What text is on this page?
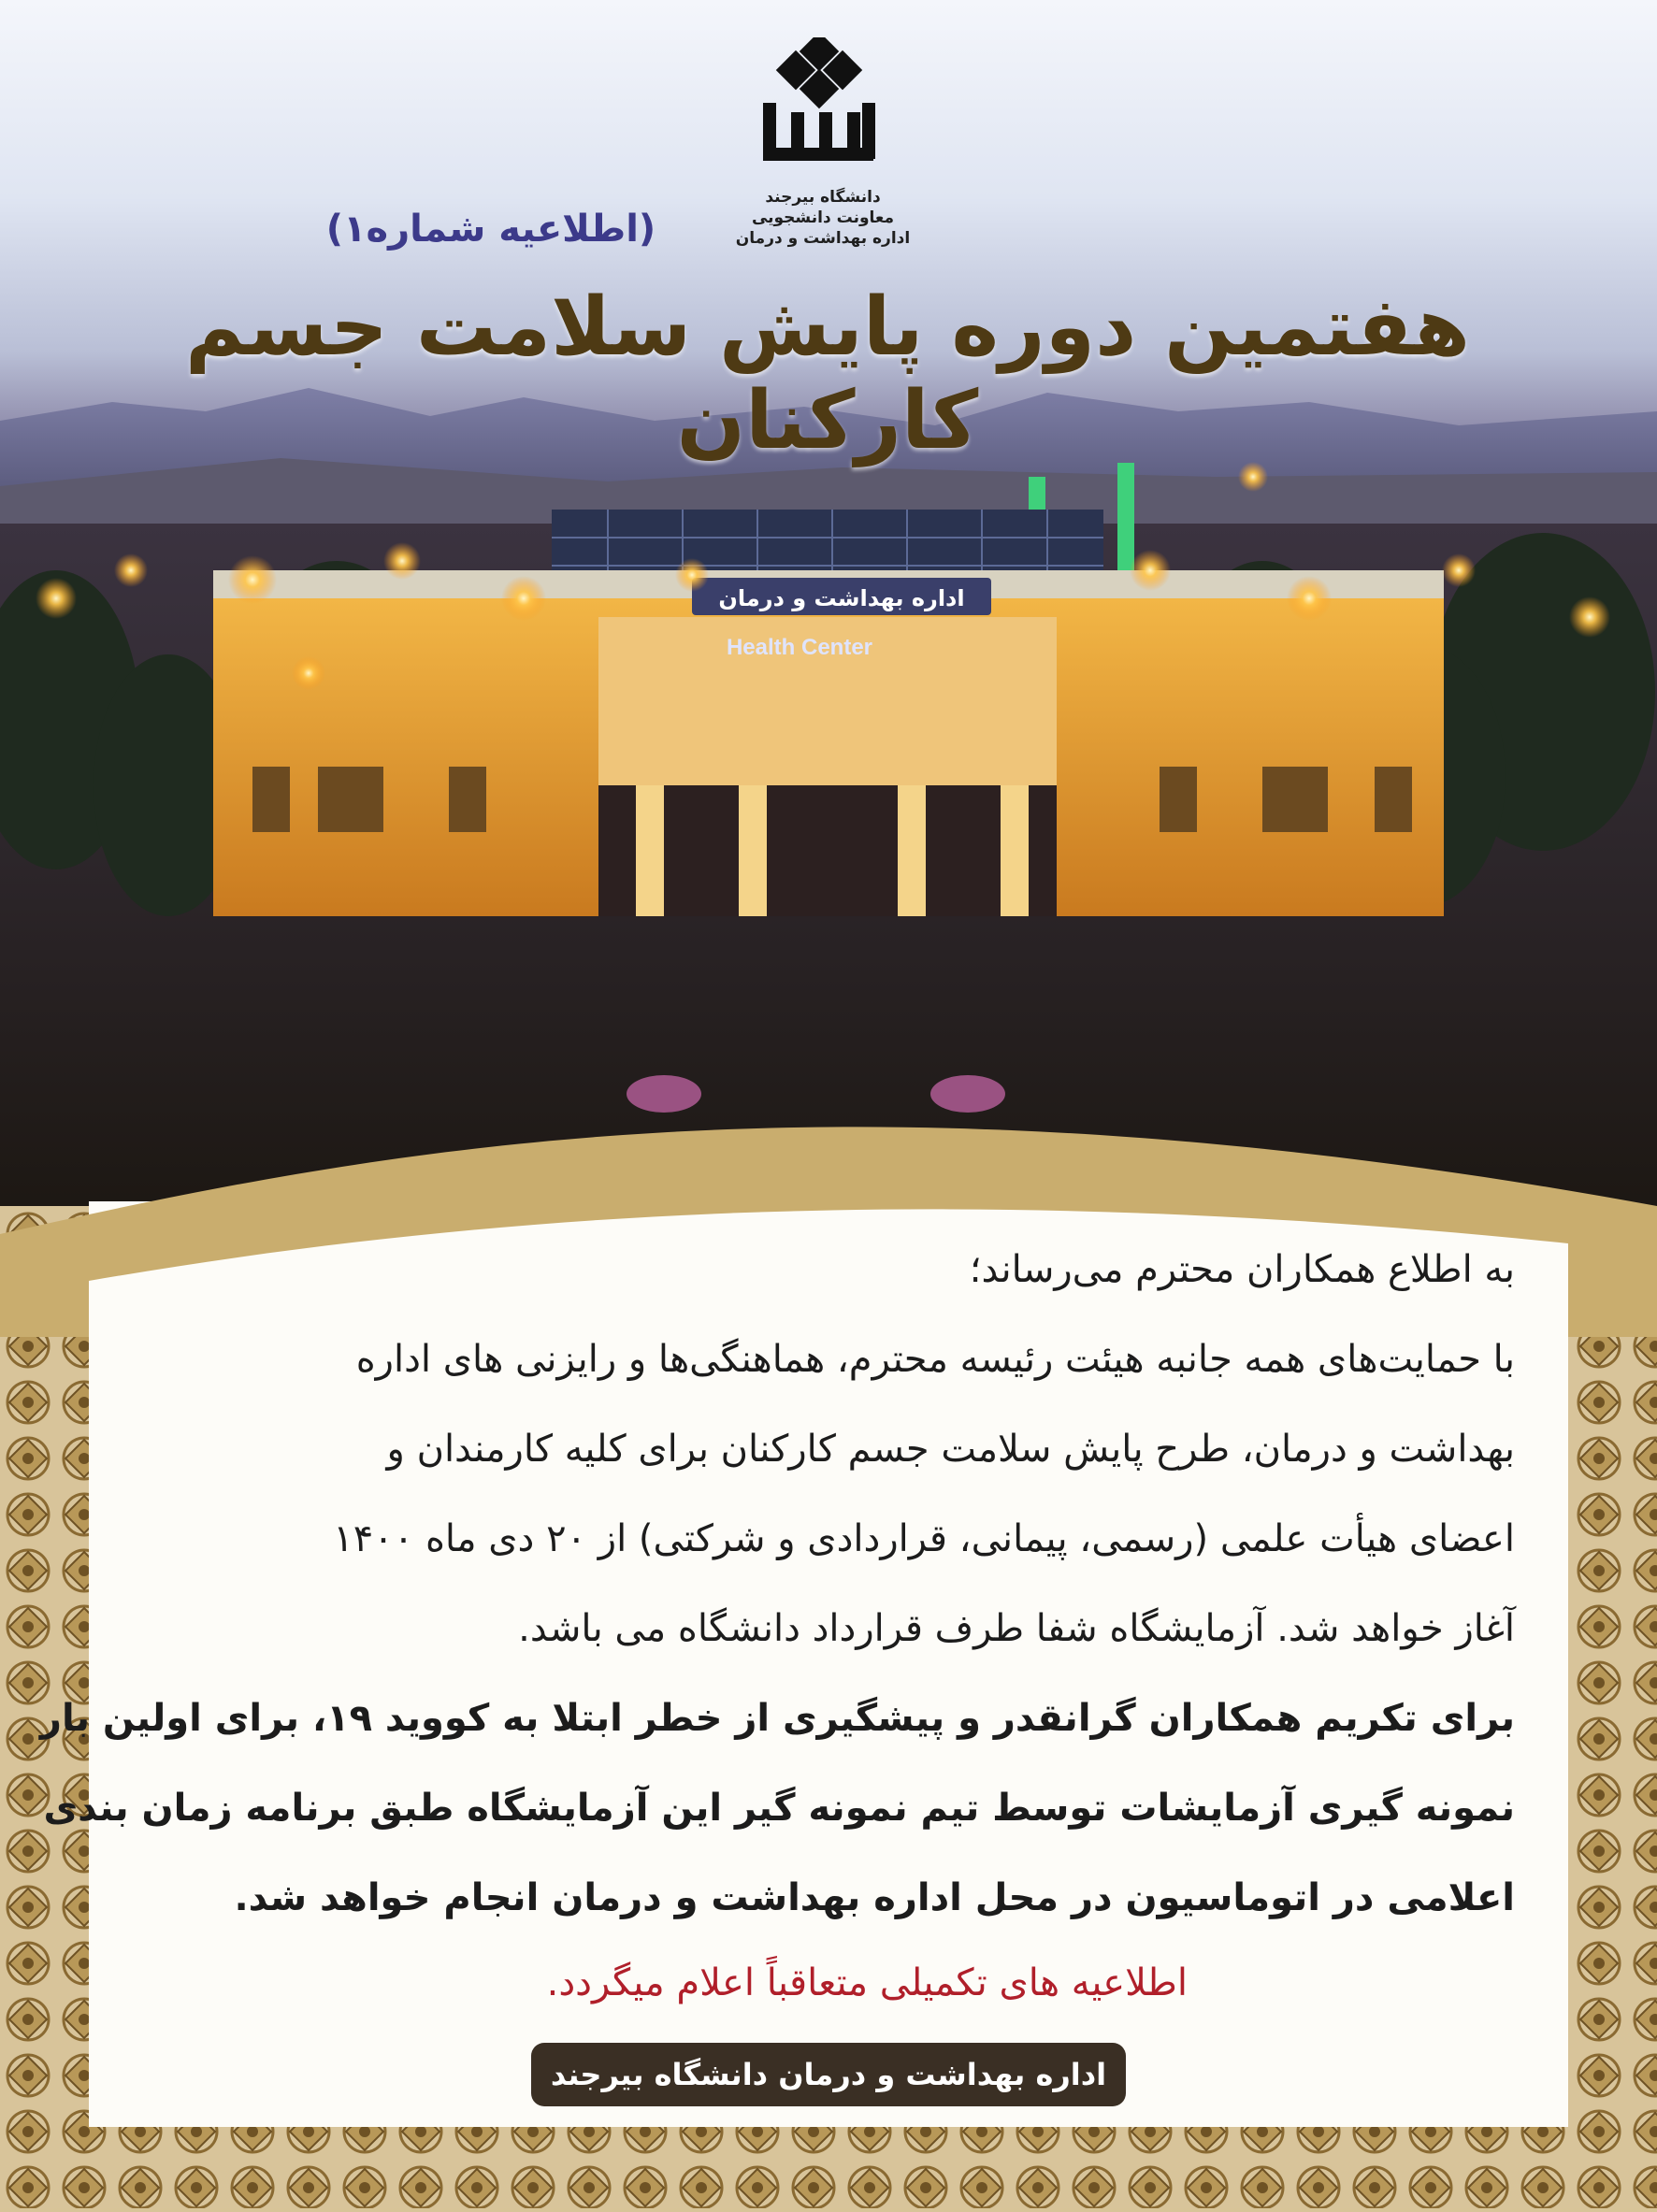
اداره بهداشت و درمان
Health Center
دانشگاه بیرجند
معاونت دانشجویی
اداره بهداشت و درمان
(اطلاعیه شماره۱)
هفتمین دوره پایش سلامت جسم کارکنان
به اطلاع همکاران محترم می‌رساند؛
با حمایت‌های همه جانبه هیئت رئیسه محترم، هماهنگی‌ها و رایزنی های اداره
بهداشت و درمان، طرح پایش سلامت جسم کارکنان برای کلیه کارمندان و
اعضای هیأت علمی (رسمی، پیمانی، قراردادی و شرکتی) از ۲۰ دی ماه ۱۴۰۰
آغاز خواهد شد. آزمایشگاه شفا طرف قرارداد دانشگاه می باشد.
برای تکریم همکاران گرانقدر و پیشگیری از خطر ابتلا به کووید ۱۹، برای اولین بار
نمونه گیری آزمایشات توسط تیم نمونه گیر این آزمایشگاه طبق برنامه زمان بندی
اعلامی در اتوماسیون در محل اداره بهداشت و درمان انجام خواهد شد.
اطلاعیه های تکمیلی متعاقباً اعلام میگردد.
اداره بهداشت و درمان دانشگاه بیرجند
